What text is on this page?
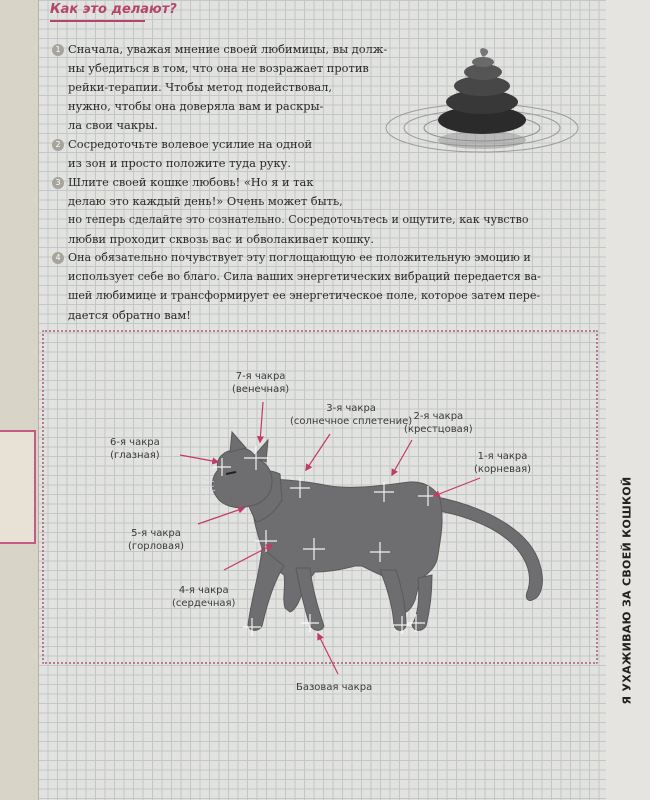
Как это делают?
1 Сначала, уважая мнение своей любимицы, вы долж-
ны убедиться в том, что она не возражает против
рейки-терапии. Чтобы метод подействовал,
нужно, чтобы она доверяла вам и раскры-
ла свои чакры.
2 Сосредоточьте волевое усилие на одной
из зон и просто положите туда руку.
3 Шлите своей кошке любовь! «Но я и так
делаю это каждый день!» Очень может быть,
но теперь сделайте это сознательно. Сосредоточьтесь и ощутите, как чувство
любви проходит сквозь вас и обволакивает кошку.
4 Она обязательно почувствует эту поглощающую ее положительную эмоцию и
использует себе во благо. Сила ваших энергетических вибраций передается ва-
шей любимице и трансформирует ее энергетическое поле, которое затем пере-
дается обратно вам!
7-я чакра
(венечная)
6-я чакра
(глазная)
3-я чакра
(солнечное сплетение) 2-я чакра
(крестцовая)
1-я чакра
(корневая)
5-я чакра
(горловая)
4-я чакра
(сердечная)
Базовая чакра	Я УХАЖИВАЮ ЗА СВОЕЙ КОШКОЙ
